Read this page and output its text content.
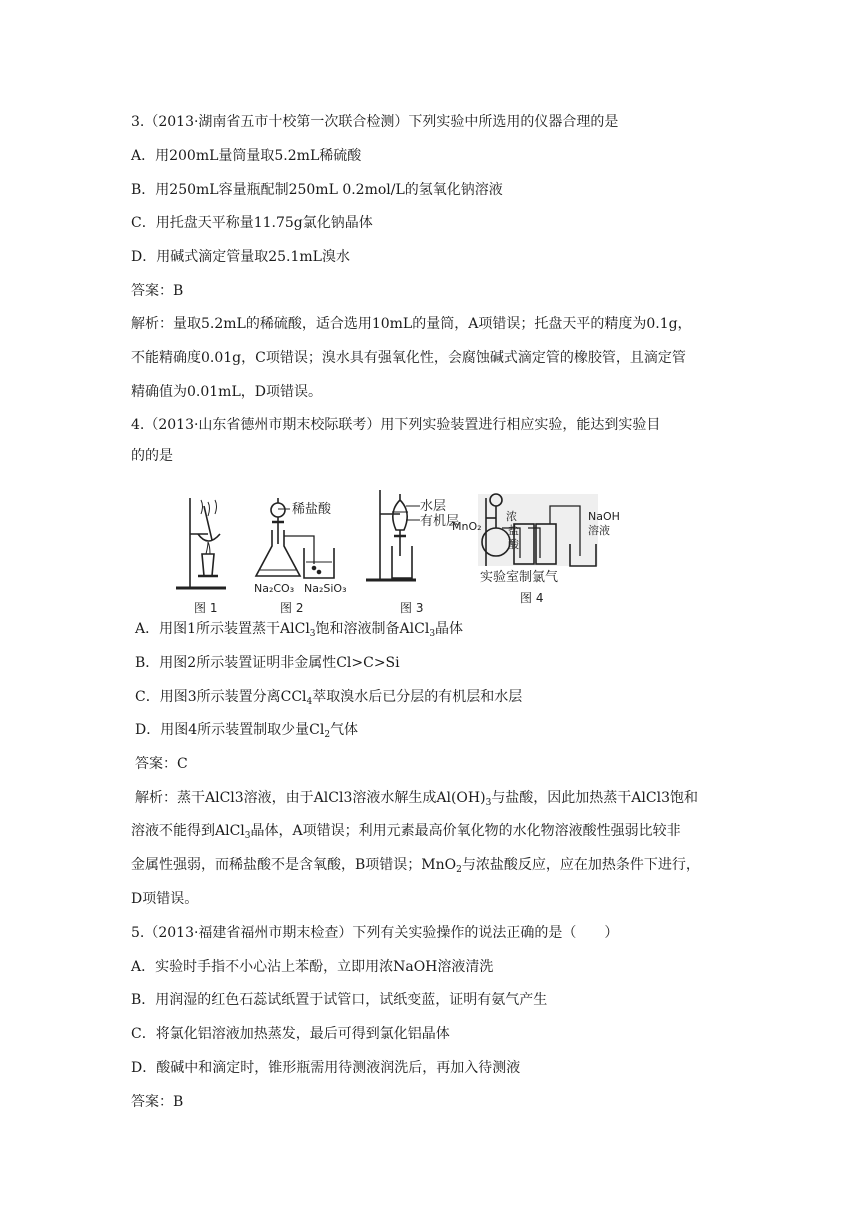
3.（2013·湖南省五市十校第一次联合检测）下列实验中所选用的仪器合理的是
A．用200mL量筒量取5.2mL稀硫酸
B．用250mL容量瓶配制250mL 0.2mol/L的氢氧化钠溶液
C．用托盘天平称量11.75g氯化钠晶体
D．用碱式滴定管量取25.1mL溴水
答案：B
解析：量取5.2mL的稀硫酸，适合选用10mL的量筒，A项错误；托盘天平的精度为0.1g，
不能精确度0.01g，C项错误；溴水具有强氧化性，会腐蚀碱式滴定管的橡胶管，且滴定管
精确值为0.01mL，D项错误。
4.（2013·山东省德州市期末校际联考）用下列实验装置进行相应实验，能达到实验目
的的是
图 1
稀盐酸
Na₂CO₃ Na₂SiO₃
图 2
水层
有机层
图 3
MnO₂
浓
盐
酸
NaOH
溶液
实验室制氯气
图 4
A．用图1所示装置蒸干AlCl$_3$饱和溶液制备AlCl$_3$晶体
B．用图2所示装置证明非金属性Cl>C>Si
C．用图3所示装置分离CCl$_4$萃取溴水后已分层的有机层和水层
D．用图4所示装置制取少量$Cl_2$气体
答案：C
解析：蒸干AlCl3溶液，由于AlCl3溶液水解生成$Al(OH)_3$与盐酸，因此加热蒸干AlCl3饱和
溶液不能得到AlCl$_3$晶体，A项错误；利用元素最高价氧化物的水化物溶液酸性强弱比较非
金属性强弱，而稀盐酸不是含氧酸，B项错误；MnO$_2$与浓盐酸反应，应在加热条件下进行，
D项错误。
5.（2013·福建省福州市期末检查）下列有关实验操作的说法正确的是（　　）
A．实验时手指不小心沾上苯酚，立即用浓NaOH溶液清洗
B．用润湿的红色石蕊试纸置于试管口，试纸变蓝，证明有氨气产生
C．将氯化铝溶液加热蒸发，最后可得到氯化铝晶体
D．酸碱中和滴定时，锥形瓶需用待测液润洗后，再加入待测液
答案：B
